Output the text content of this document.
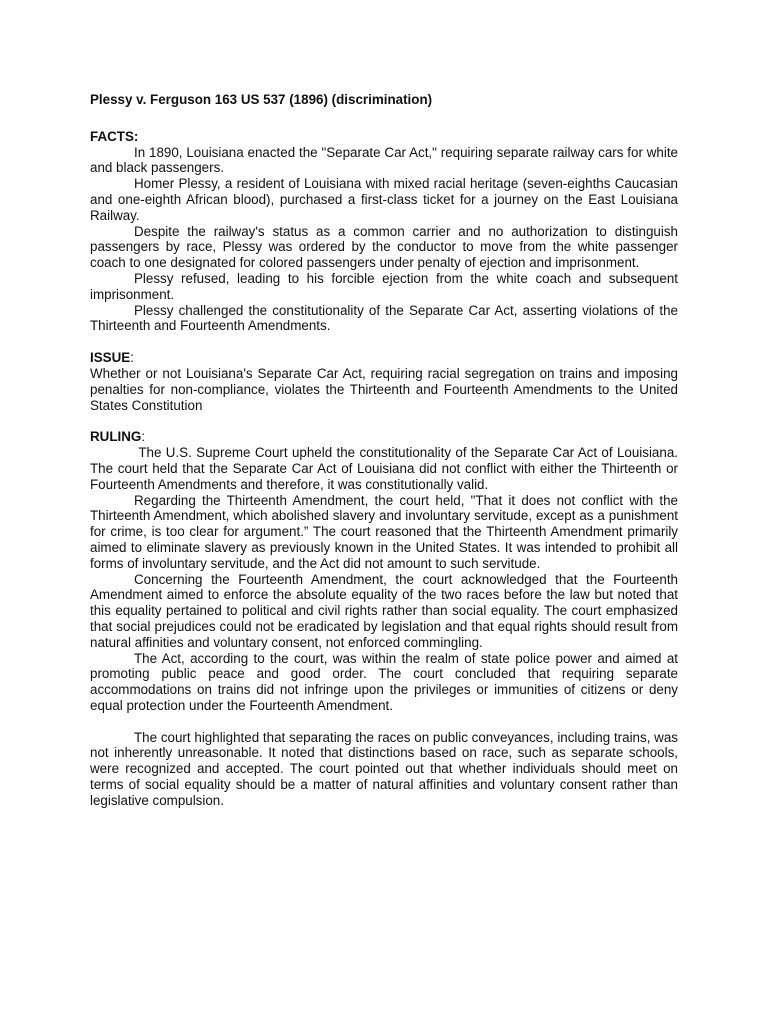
Plessy v. Ferguson 163 US 537 (1896) (discrimination)

FACTS:

In 1890, Louisiana enacted the "Separate Car Act," requiring separate railway cars for white and black passengers.

Homer Plessy, a resident of Louisiana with mixed racial heritage (seven-eighths Caucasian and one-eighth African blood), purchased a first-class ticket for a journey on the East Louisiana Railway.

Despite the railway's status as a common carrier and no authorization to distinguish passengers by race, Plessy was ordered by the conductor to move from the white passenger coach to one designated for colored passengers under penalty of ejection and imprisonment.

Plessy refused, leading to his forcible ejection from the white coach and subsequent imprisonment.

Plessy challenged the constitutionality of the Separate Car Act, asserting violations of the Thirteenth and Fourteenth Amendments.

ISSUE:

Whether or not Louisiana's Separate Car Act, requiring racial segregation on trains and imposing penalties for non-compliance, violates the Thirteenth and Fourteenth Amendments to the United States Constitution

RULING:

The U.S. Supreme Court upheld the constitutionality of the Separate Car Act of Louisiana. The court held that the Separate Car Act of Louisiana did not conflict with either the Thirteenth or Fourteenth Amendments and therefore, it was constitutionally valid.

Regarding the Thirteenth Amendment, the court held, "That it does not conflict with the Thirteenth Amendment, which abolished slavery and involuntary servitude, except as a punishment for crime, is too clear for argument.” The court reasoned that the Thirteenth Amendment primarily aimed to eliminate slavery as previously known in the United States. It was intended to prohibit all forms of involuntary servitude, and the Act did not amount to such servitude.

Concerning the Fourteenth Amendment, the court acknowledged that the Fourteenth Amendment aimed to enforce the absolute equality of the two races before the law but noted that this equality pertained to political and civil rights rather than social equality. The court emphasized that social prejudices could not be eradicated by legislation and that equal rights should result from natural affinities and voluntary consent, not enforced commingling.

The Act, according to the court, was within the realm of state police power and aimed at promoting public peace and good order. The court concluded that requiring separate accommodations on trains did not infringe upon the privileges or immunities of citizens or deny equal protection under the Fourteenth Amendment.

The court highlighted that separating the races on public conveyances, including trains, was not inherently unreasonable. It noted that distinctions based on race, such as separate schools, were recognized and accepted. The court pointed out that whether individuals should meet on terms of social equality should be a matter of natural affinities and voluntary consent rather than legislative compulsion.
